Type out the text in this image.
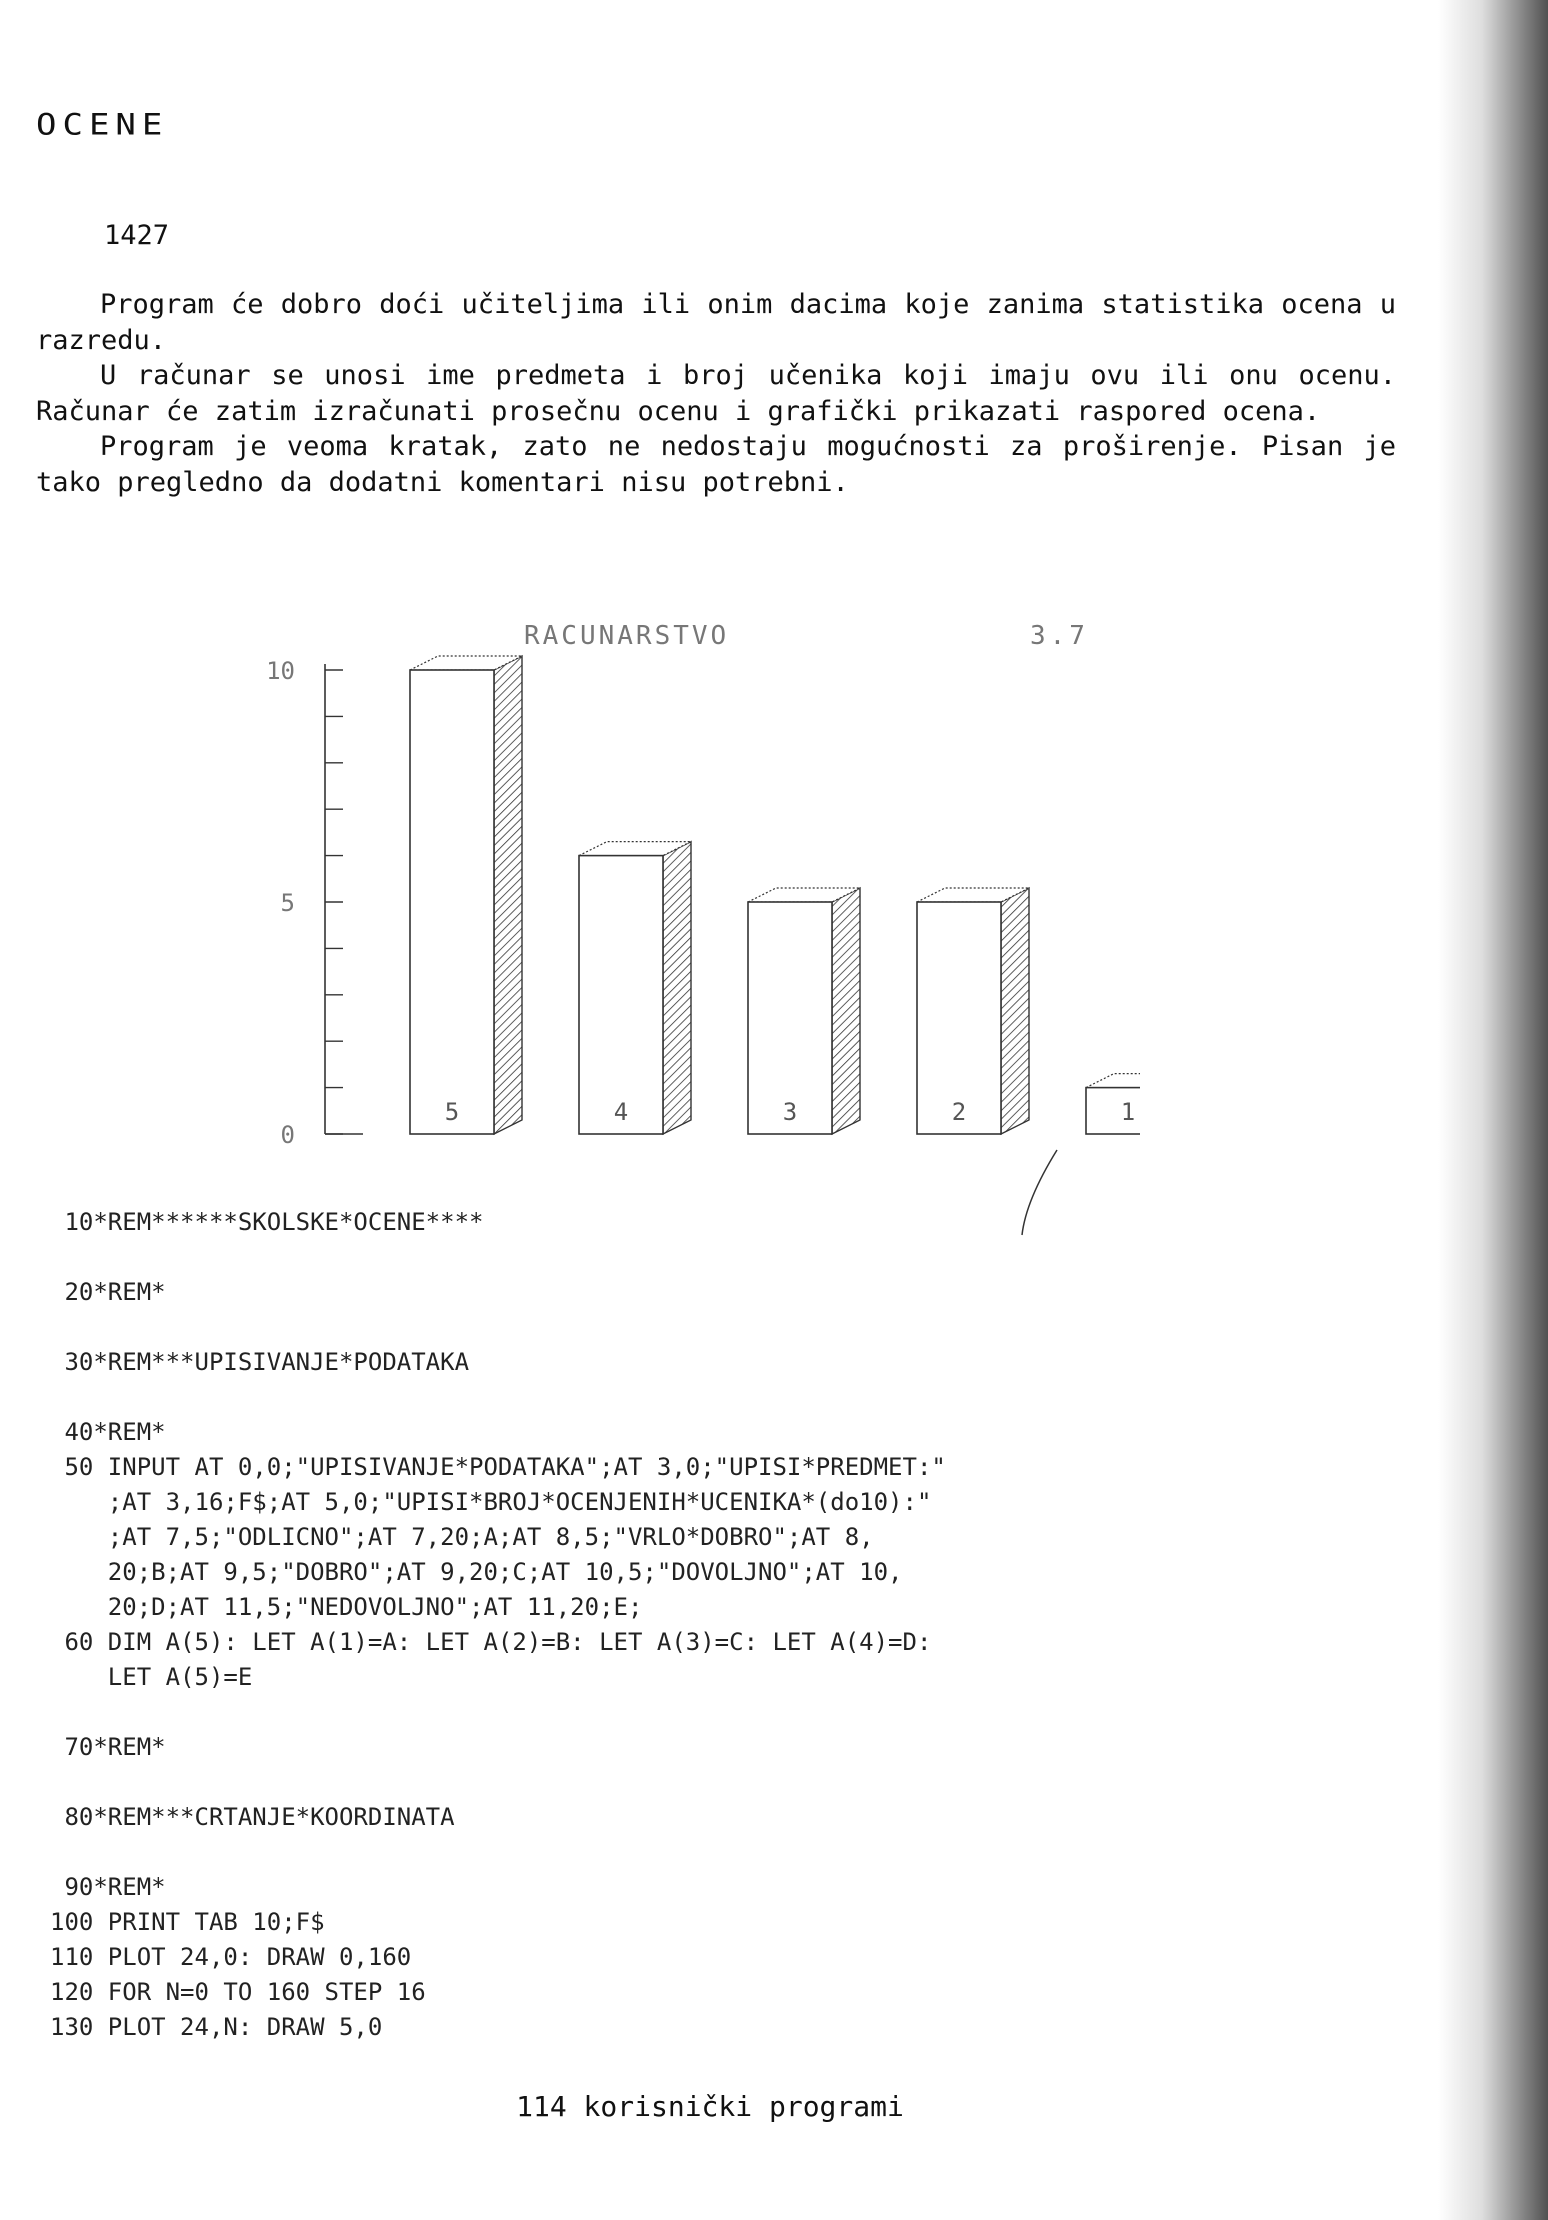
OCENE
1427

Program će dobro doći učiteljima ili onim dacima koje zanima statistika ocena u razredu.

U računar se unosi ime predmeta i broj učenika koji imaju ovu ili onu ocenu. Računar će zatim izračunati prosečnu ocenu i grafički prikazati raspored ocena.

Program je veoma kratak, zato ne nedostaju mogućnosti za proširenje. Pisan je tako pregledno da dodatni komentari nisu potrebni.

RACUNARSTVO	3.7
0
5
10
5	4	3	2	1
10*REM******SKOLSKE*OCENE****
20*REM*
30*REM***UPISIVANJE*PODATAKA
40*REM*
50 INPUT AT 0,0;"UPISIVANJE*PODATAKA";AT 3,0;"UPISI*PREDMET:"
;AT 3,16;F$;AT 5,0;"UPISI*BROJ*OCENJENIH*UCENIKA*(do10):"
;AT 7,5;"ODLICNO";AT 7,20;A;AT 8,5;"VRLO*DOBRO";AT 8,
20;B;AT 9,5;"DOBRO";AT 9,20;C;AT 10,5;"DOVOLJNO";AT 10,
20;D;AT 11,5;"NEDOVOLJNO";AT 11,20;E;
60 DIM A(5): LET A(1)=A: LET A(2)=B: LET A(3)=C: LET A(4)=D:
LET A(5)=E
70*REM*
80*REM***CRTANJE*KOORDINATA
90*REM*
100 PRINT TAB 10;F$
110 PLOT 24,0: DRAW 0,160
120 FOR N=0 TO 160 STEP 16
130 PLOT 24,N: DRAW 5,0
114 korisnički programi
